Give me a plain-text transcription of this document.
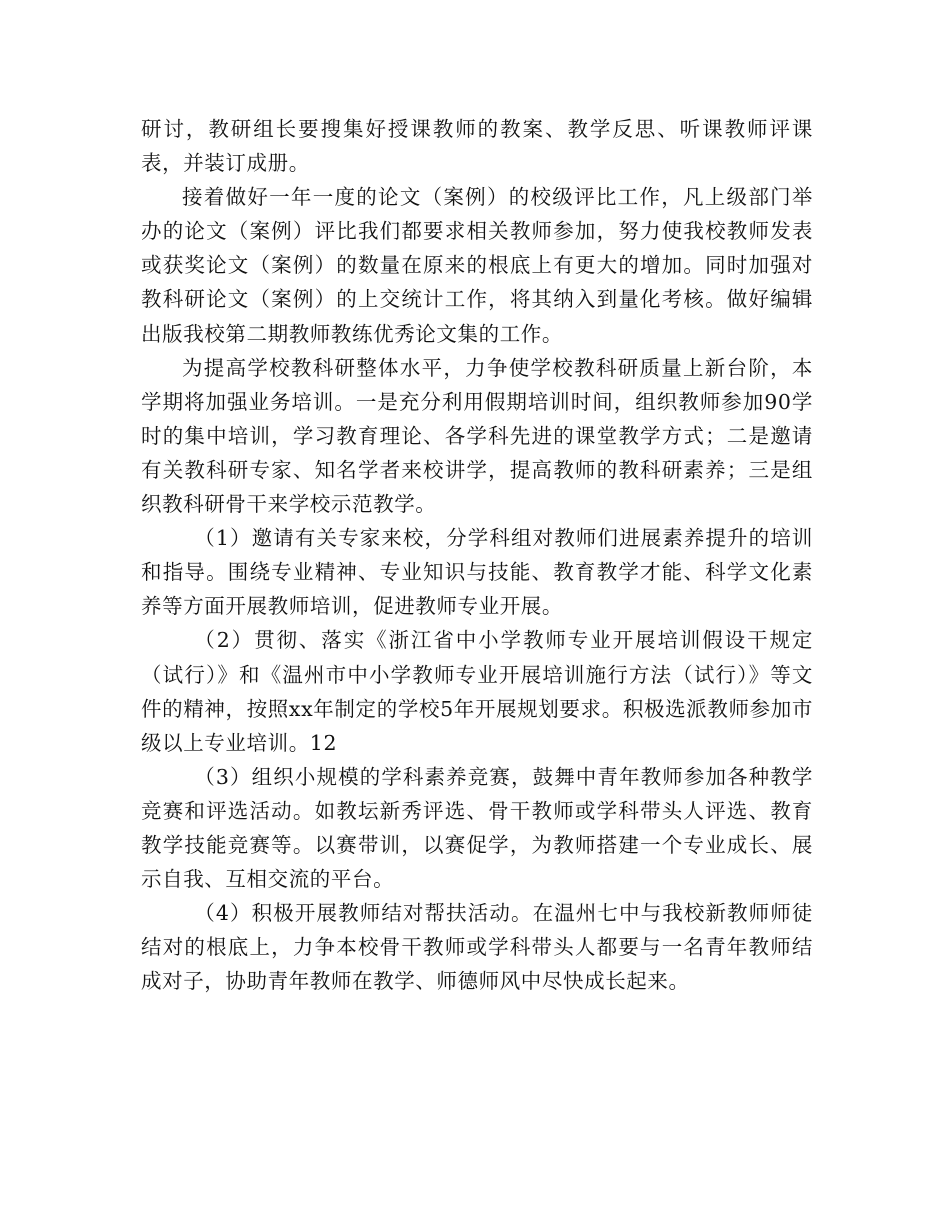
研讨，教研组长要搜集好授课教师的教案、教学反思、听课教师评课表，并装订成册。

接着做好一年一度的论文（案例）的校级评比工作，凡上级部门举办的论文（案例）评比我们都要求相关教师参加，努力使我校教师发表或获奖论文（案例）的数量在原来的根底上有更大的增加。同时加强对教科研论文（案例）的上交统计工作，将其纳入到量化考核。做好编辑出版我校第二期教师教练优秀论文集的工作。

为提高学校教科研整体水平，力争使学校教科研质量上新台阶，本学期将加强业务培训。一是充分利用假期培训时间，组织教师参加90学时的集中培训，学习教育理论、各学科先进的课堂教学方式；二是邀请有关教科研专家、知名学者来校讲学，提高教师的教科研素养；三是组织教科研骨干来学校示范教学。

（1）邀请有关专家来校，分学科组对教师们进展素养提升的培训和指导。围绕专业精神、专业知识与技能、教育教学才能、科学文化素养等方面开展教师培训，促进教师专业开展。

（2）贯彻、落实《浙江省中小学教师专业开展培训假设干规定（试行）》和《温州市中小学教师专业开展培训施行方法（试行）》等文件的精神，按照xx年制定的学校5年开展规划要求。积极选派教师参加市级以上专业培训。12

（3）组织小规模的学科素养竞赛，鼓舞中青年教师参加各种教学竞赛和评选活动。如教坛新秀评选、骨干教师或学科带头人评选、教育教学技能竞赛等。以赛带训，以赛促学，为教师搭建一个专业成长、展示自我、互相交流的平台。

（4）积极开展教师结对帮扶活动。在温州七中与我校新教师师徒结对的根底上，力争本校骨干教师或学科带头人都要与一名青年教师结成对子，协助青年教师在教学、师德师风中尽快成长起来。
